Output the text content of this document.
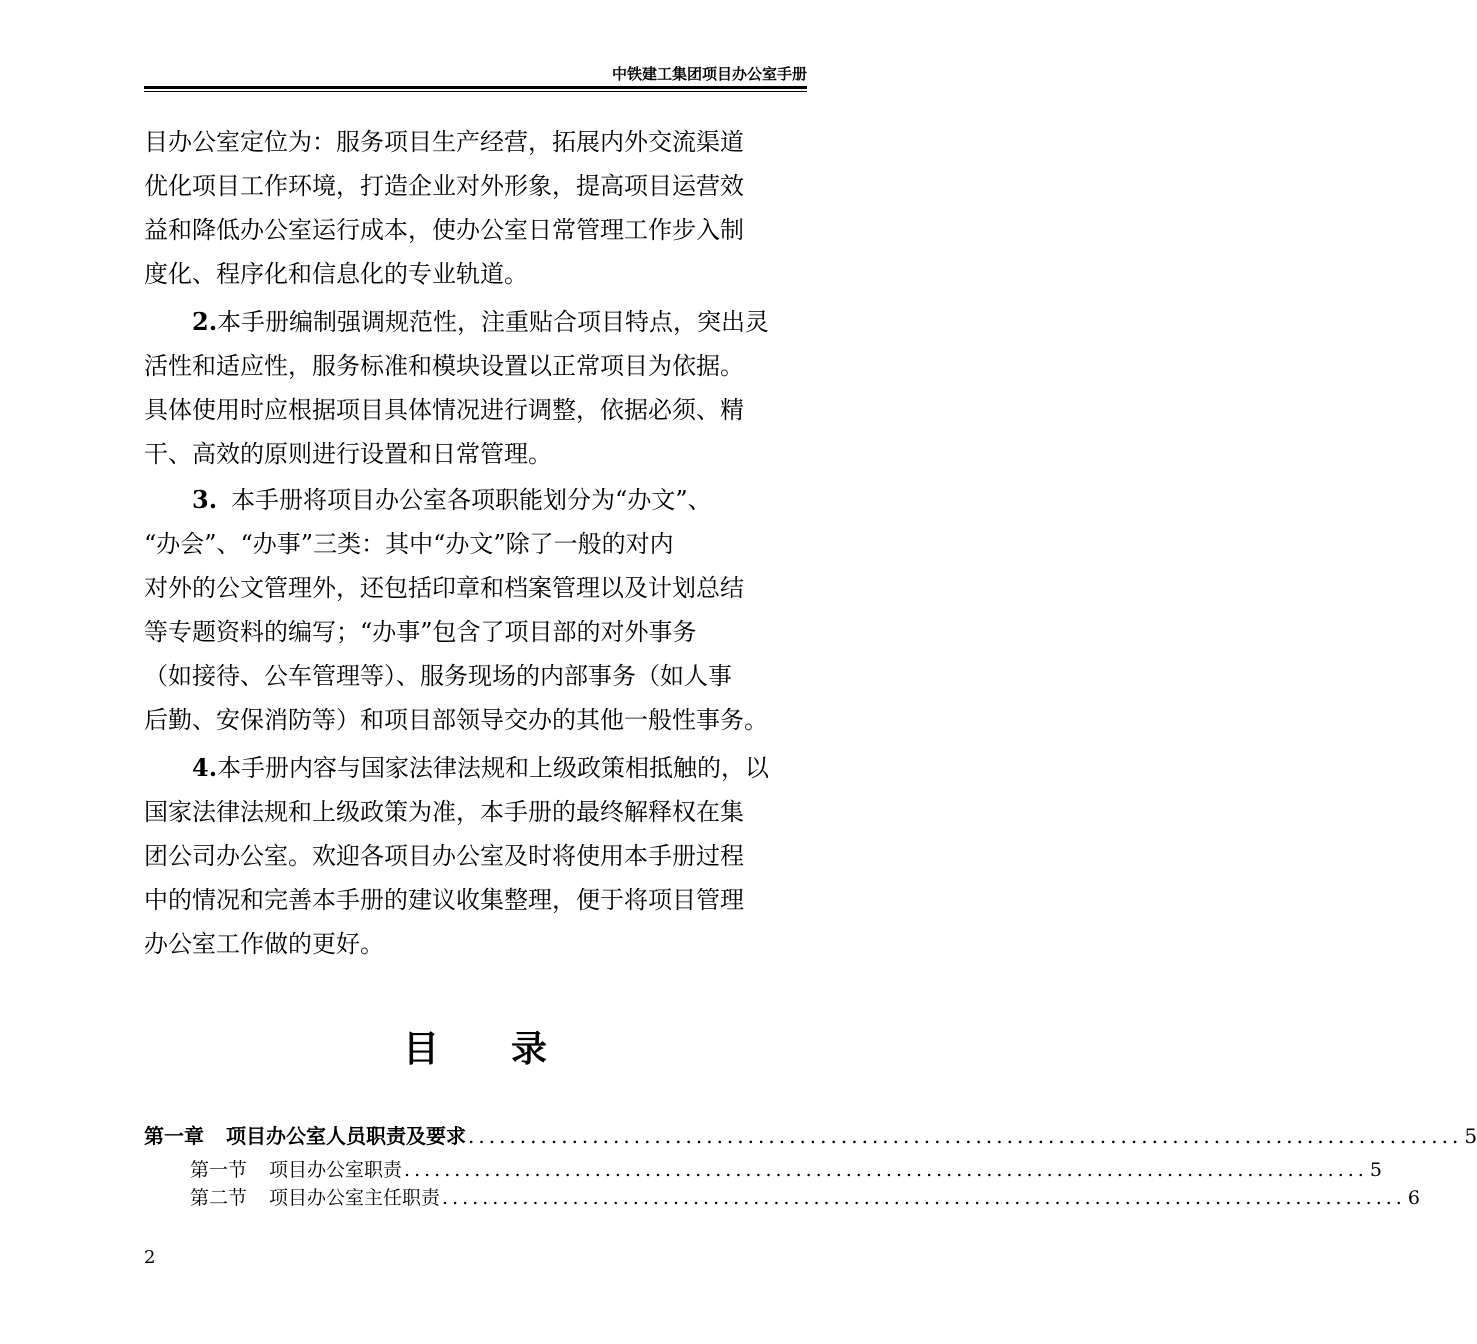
中铁建工集团项目办公室手册
目办公室定位为：服务项目生产经营，拓展内外交流渠道
优化项目工作环境，打造企业对外形象，提高项目运营效
益和降低办公室运行成本，使办公室日常管理工作步入制
度化、程序化和信息化的专业轨道。
2.本手册编制强调规范性，注重贴合项目特点，突出灵
活性和适应性，服务标准和模块设置以正常项目为依据。
具体使用时应根据项目具体情况进行调整，依据必须、精
干、高效的原则进行设置和日常管理。
3. 本手册将项目办公室各项职能划分为“办文”、
“办会”、“办事”三类：其中“办文”除了一般的对内
对外的公文管理外，还包括印章和档案管理以及计划总结
等专题资料的编写；“办事”包含了项目部的对外事务
（如接待、公车管理等）、服务现场的内部事务（如人事
后勤、安保消防等）和项目部领导交办的其他一般性事务。
4.本手册内容与国家法律法规和上级政策相抵触的，以
国家法律法规和上级政策为准，本手册的最终解释权在集
团公司办公室。欢迎各项目办公室及时将使用本手册过程
中的情况和完善本手册的建议收集整理，便于将项目管理
办公室工作做的更好。
目 录
第一章 项目办公室人员职责及要求 ................................................................................................ 5
第一节 项目办公室职责 ................................................................................................ 5
第二节 项目办公室主任职责 ................................................................................................ 6
2
